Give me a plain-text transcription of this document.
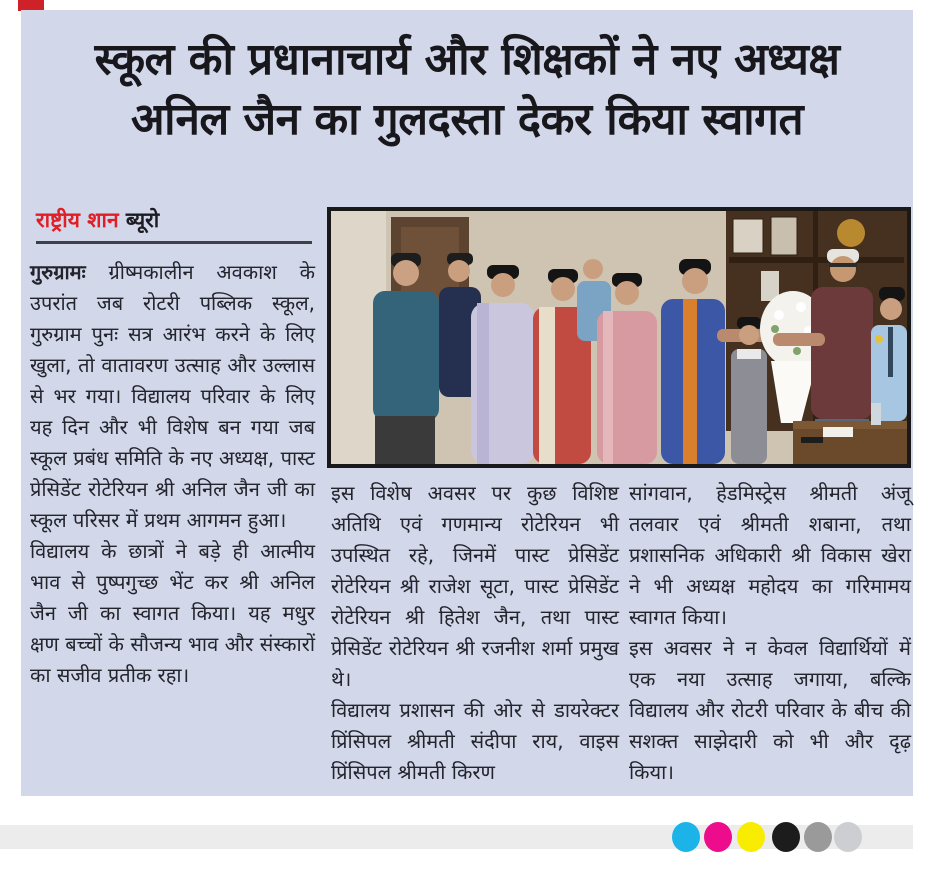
स्कूल की प्रधानाचार्य और शिक्षकों ने नए अध्यक्ष
अनिल जैन का गुलदस्ता देकर किया स्वागत
राष्ट्रीय शान ब्यूरो

गुरुग्रामः ग्रीष्मकालीन अवकाश के उपरांत जब रोटरी पब्लिक स्कूल, गुरुग्राम पुनः सत्र आरंभ करने के लिए खुला, तो वातावरण उत्साह और उल्लास से भर गया। विद्यालय परिवार के लिए यह दिन और भी विशेष बन गया जब स्कूल प्रबंध समिति के नए अध्यक्ष, पास्ट प्रेसिडेंट रोटेरियन श्री अनिल जैन जी का स्कूल परिसर में प्रथम आगमन हुआ।

विद्यालय के छात्रों ने बड़े ही आत्मीय भाव से पुष्पगुच्छ भेंट कर श्री अनिल जैन जी का स्वागत किया। यह मधुर क्षण बच्चों के सौजन्य भाव और संस्कारों का सजीव प्रतीक रहा।

इस विशेष अवसर पर कुछ विशिष्ट अतिथि एवं गणमान्य रोटेरियन भी उपस्थित रहे, जिनमें पास्ट प्रेसिडेंट रोटेरियन श्री राजेश सूटा, पास्ट प्रेसिडेंट रोटेरियन श्री हितेश जैन, तथा पास्ट प्रेसिडेंट रोटेरियन श्री रजनीश शर्मा प्रमुख थे।

विद्यालय प्रशासन की ओर से डायरेक्टर प्रिंसिपल श्रीमती संदीपा राय, वाइस प्रिंसिपल श्रीमती किरण

सांगवान, हेडमिस्ट्रेस श्रीमती अंजू तलवार एवं श्रीमती शबाना, तथा प्रशासनिक अधिकारी श्री विकास खेरा ने भी अध्यक्ष महोदय का गरिमामय स्वागत किया।

इस अवसर ने न केवल विद्यार्थियों में एक नया उत्साह जगाया, बल्कि विद्यालय और रोटरी परिवार के बीच की सशक्त साझेदारी को भी और दृढ़ किया।
